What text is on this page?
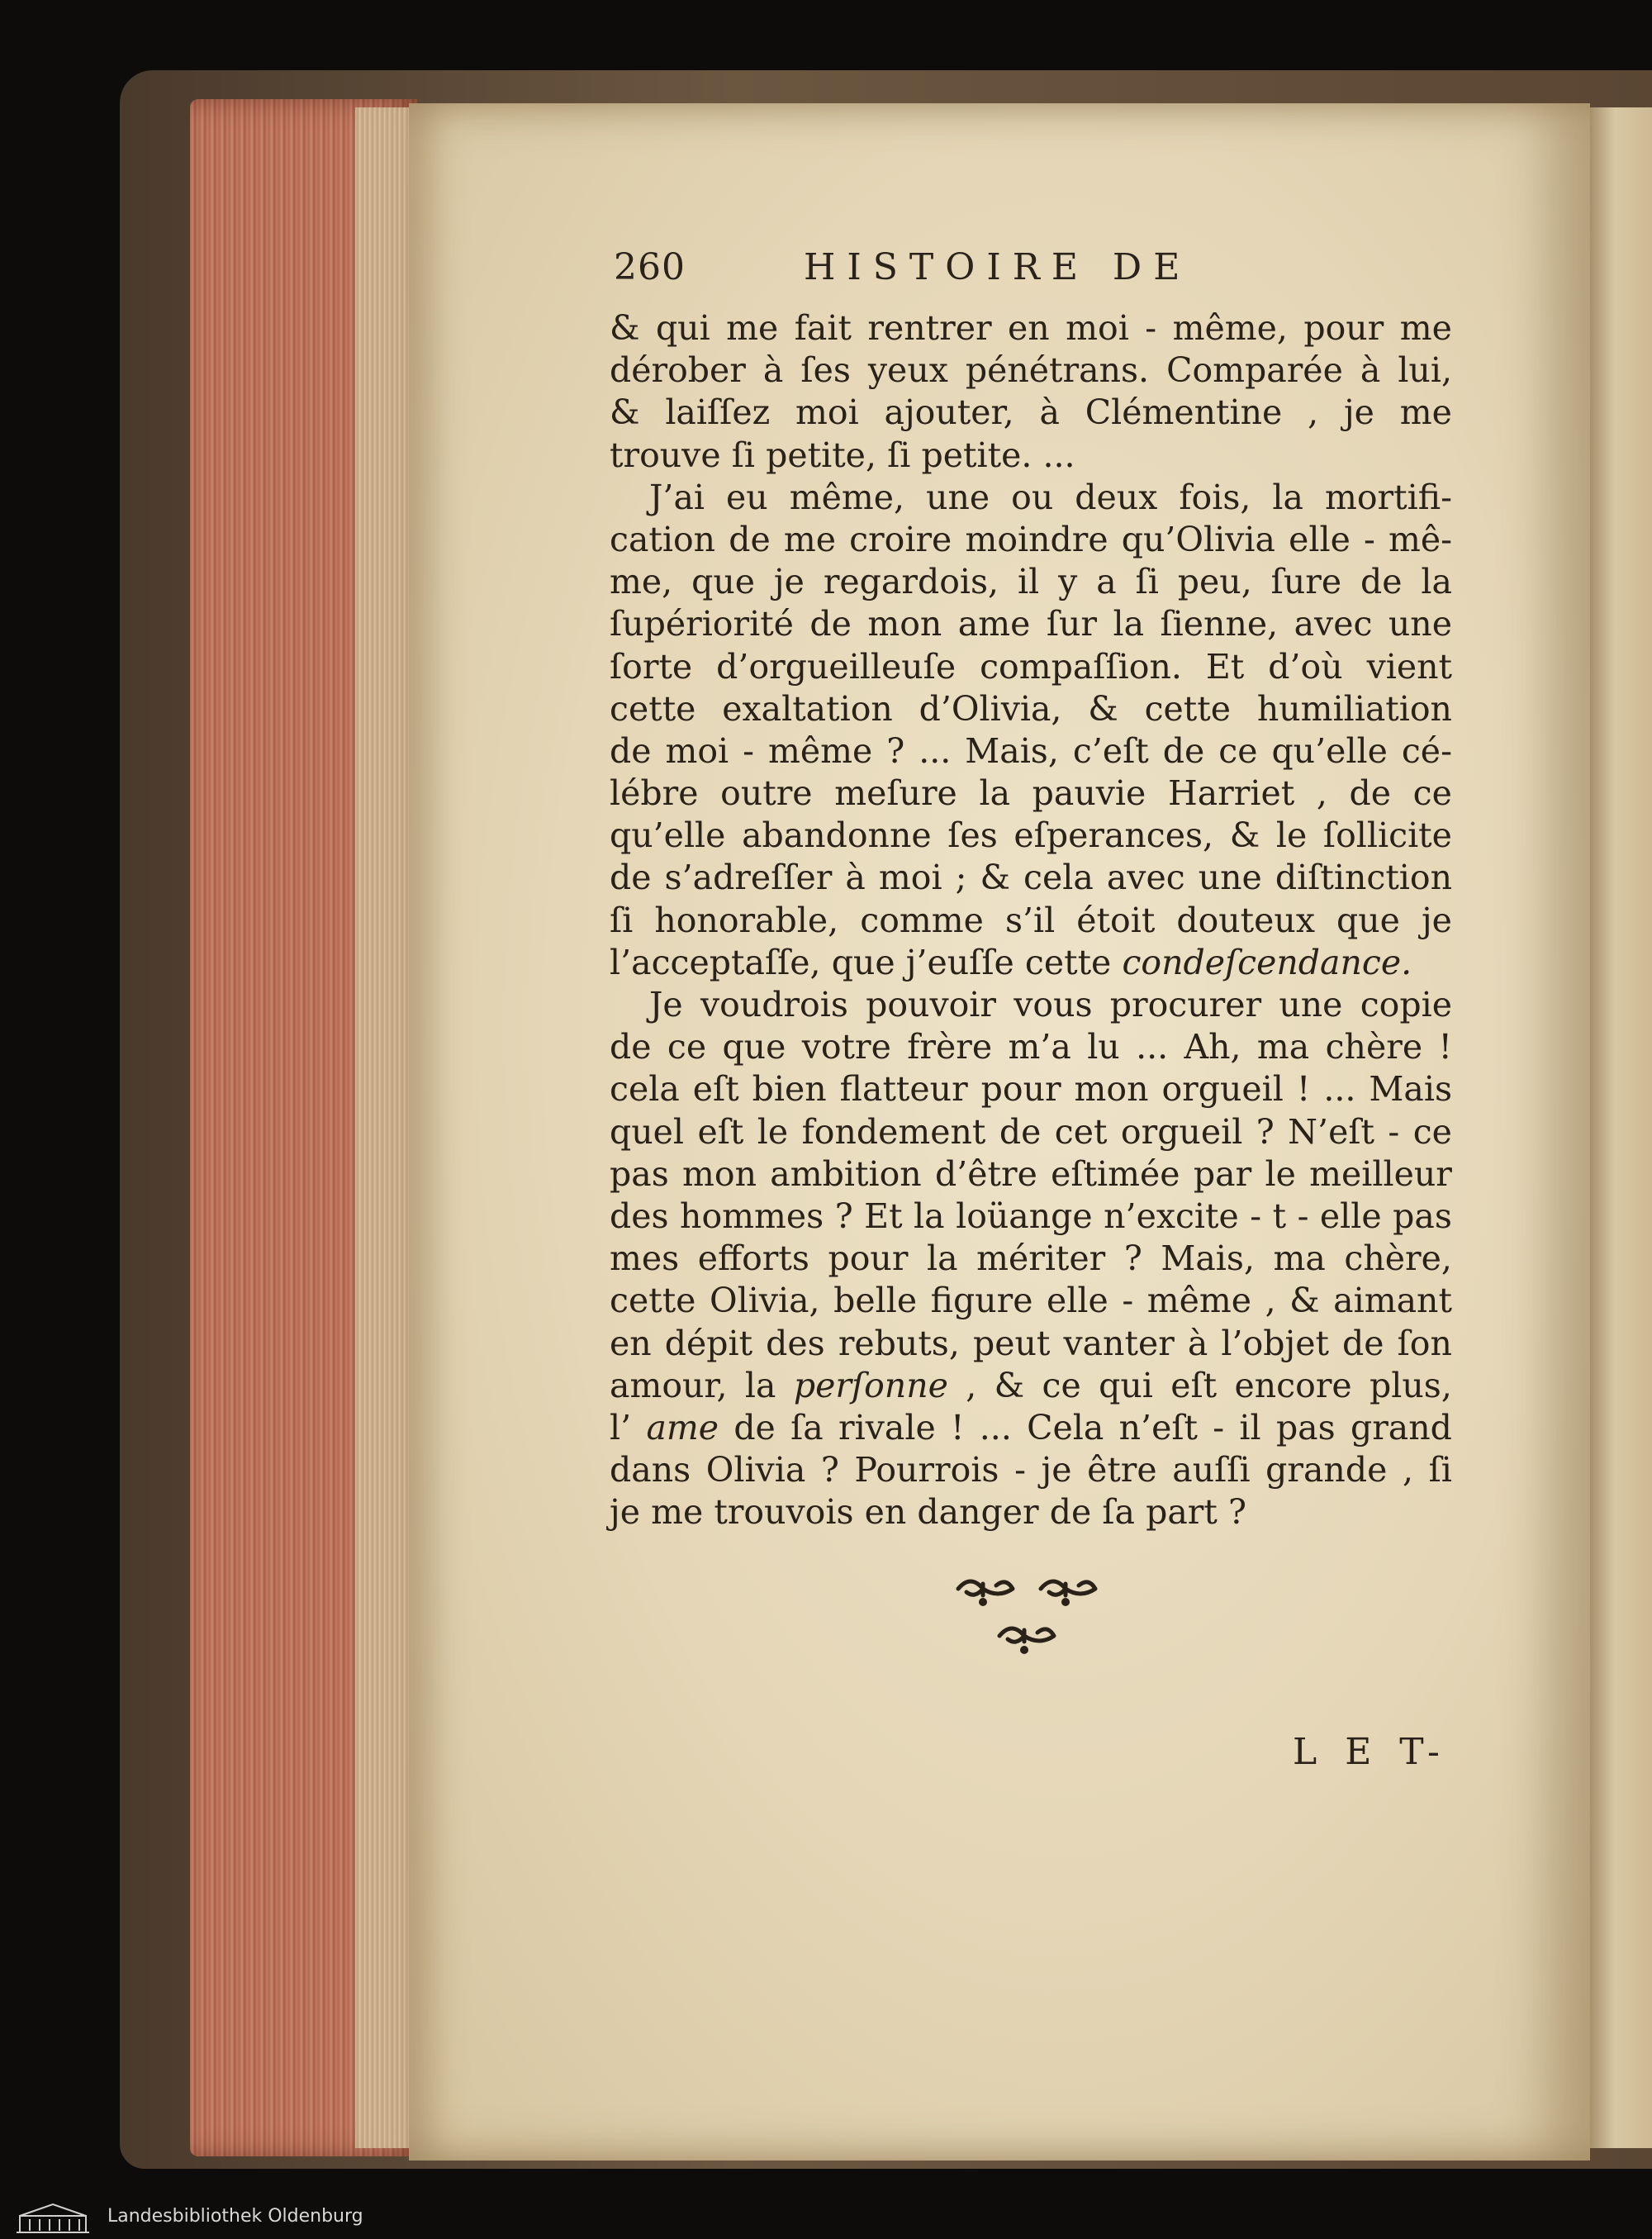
260	HISTOIRE DE
& qui me fait rentrer en moi - même, pour me
dérober à ſes yeux pénétrans. Comparée à lui,
& laiſſez moi ajouter, à Clémentine , je me
trouve ſi petite, ſi petite. ...
J’ai eu même, une ou deux fois, la mortifi-
cation de me croire moindre qu’Olivia elle - mê-
me, que je regardois, il y a ſi peu, ſure de la
ſupériorité de mon ame ſur la ſienne, avec une
ſorte d’orgueilleuſe compaſſion. Et d’où vient
cette exaltation d’Olivia, & cette humiliation
de moi - même ? ... Mais, c’eſt de ce qu’elle cé-
lébre outre meſure la pauvie Harriet , de ce
qu’elle abandonne ſes eſperances, & le ſollicite
de s’adreſſer à moi ; & cela avec une diſtinction
ſi honorable, comme s’il étoit douteux que je
l’acceptaſſe, que j’euſſe cette condeſcendance.
Je voudrois pouvoir vous procurer une copie
de ce que votre frère m’a lu ... Ah, ma chère !
cela eſt bien flatteur pour mon orgueil ! ... Mais
quel eſt le fondement de cet orgueil ? N’eſt - ce
pas mon ambition d’être eſtimée par le meilleur
des hommes ? Et la loüange n’excite - t - elle pas
mes efforts pour la mériter ? Mais, ma chère,
cette Olivia, belle figure elle - même , & aimant
en dépit des rebuts, peut vanter à l’objet de ſon
amour, la perſonne , & ce qui eſt encore plus,
l’ ame de ſa rivale ! ... Cela n’eſt - il pas grand
dans Olivia ? Pourrois - je être auſſi grande , ſi
je me trouvois en danger de ſa part ?
L E T-
Landesbibliothek Oldenburg
